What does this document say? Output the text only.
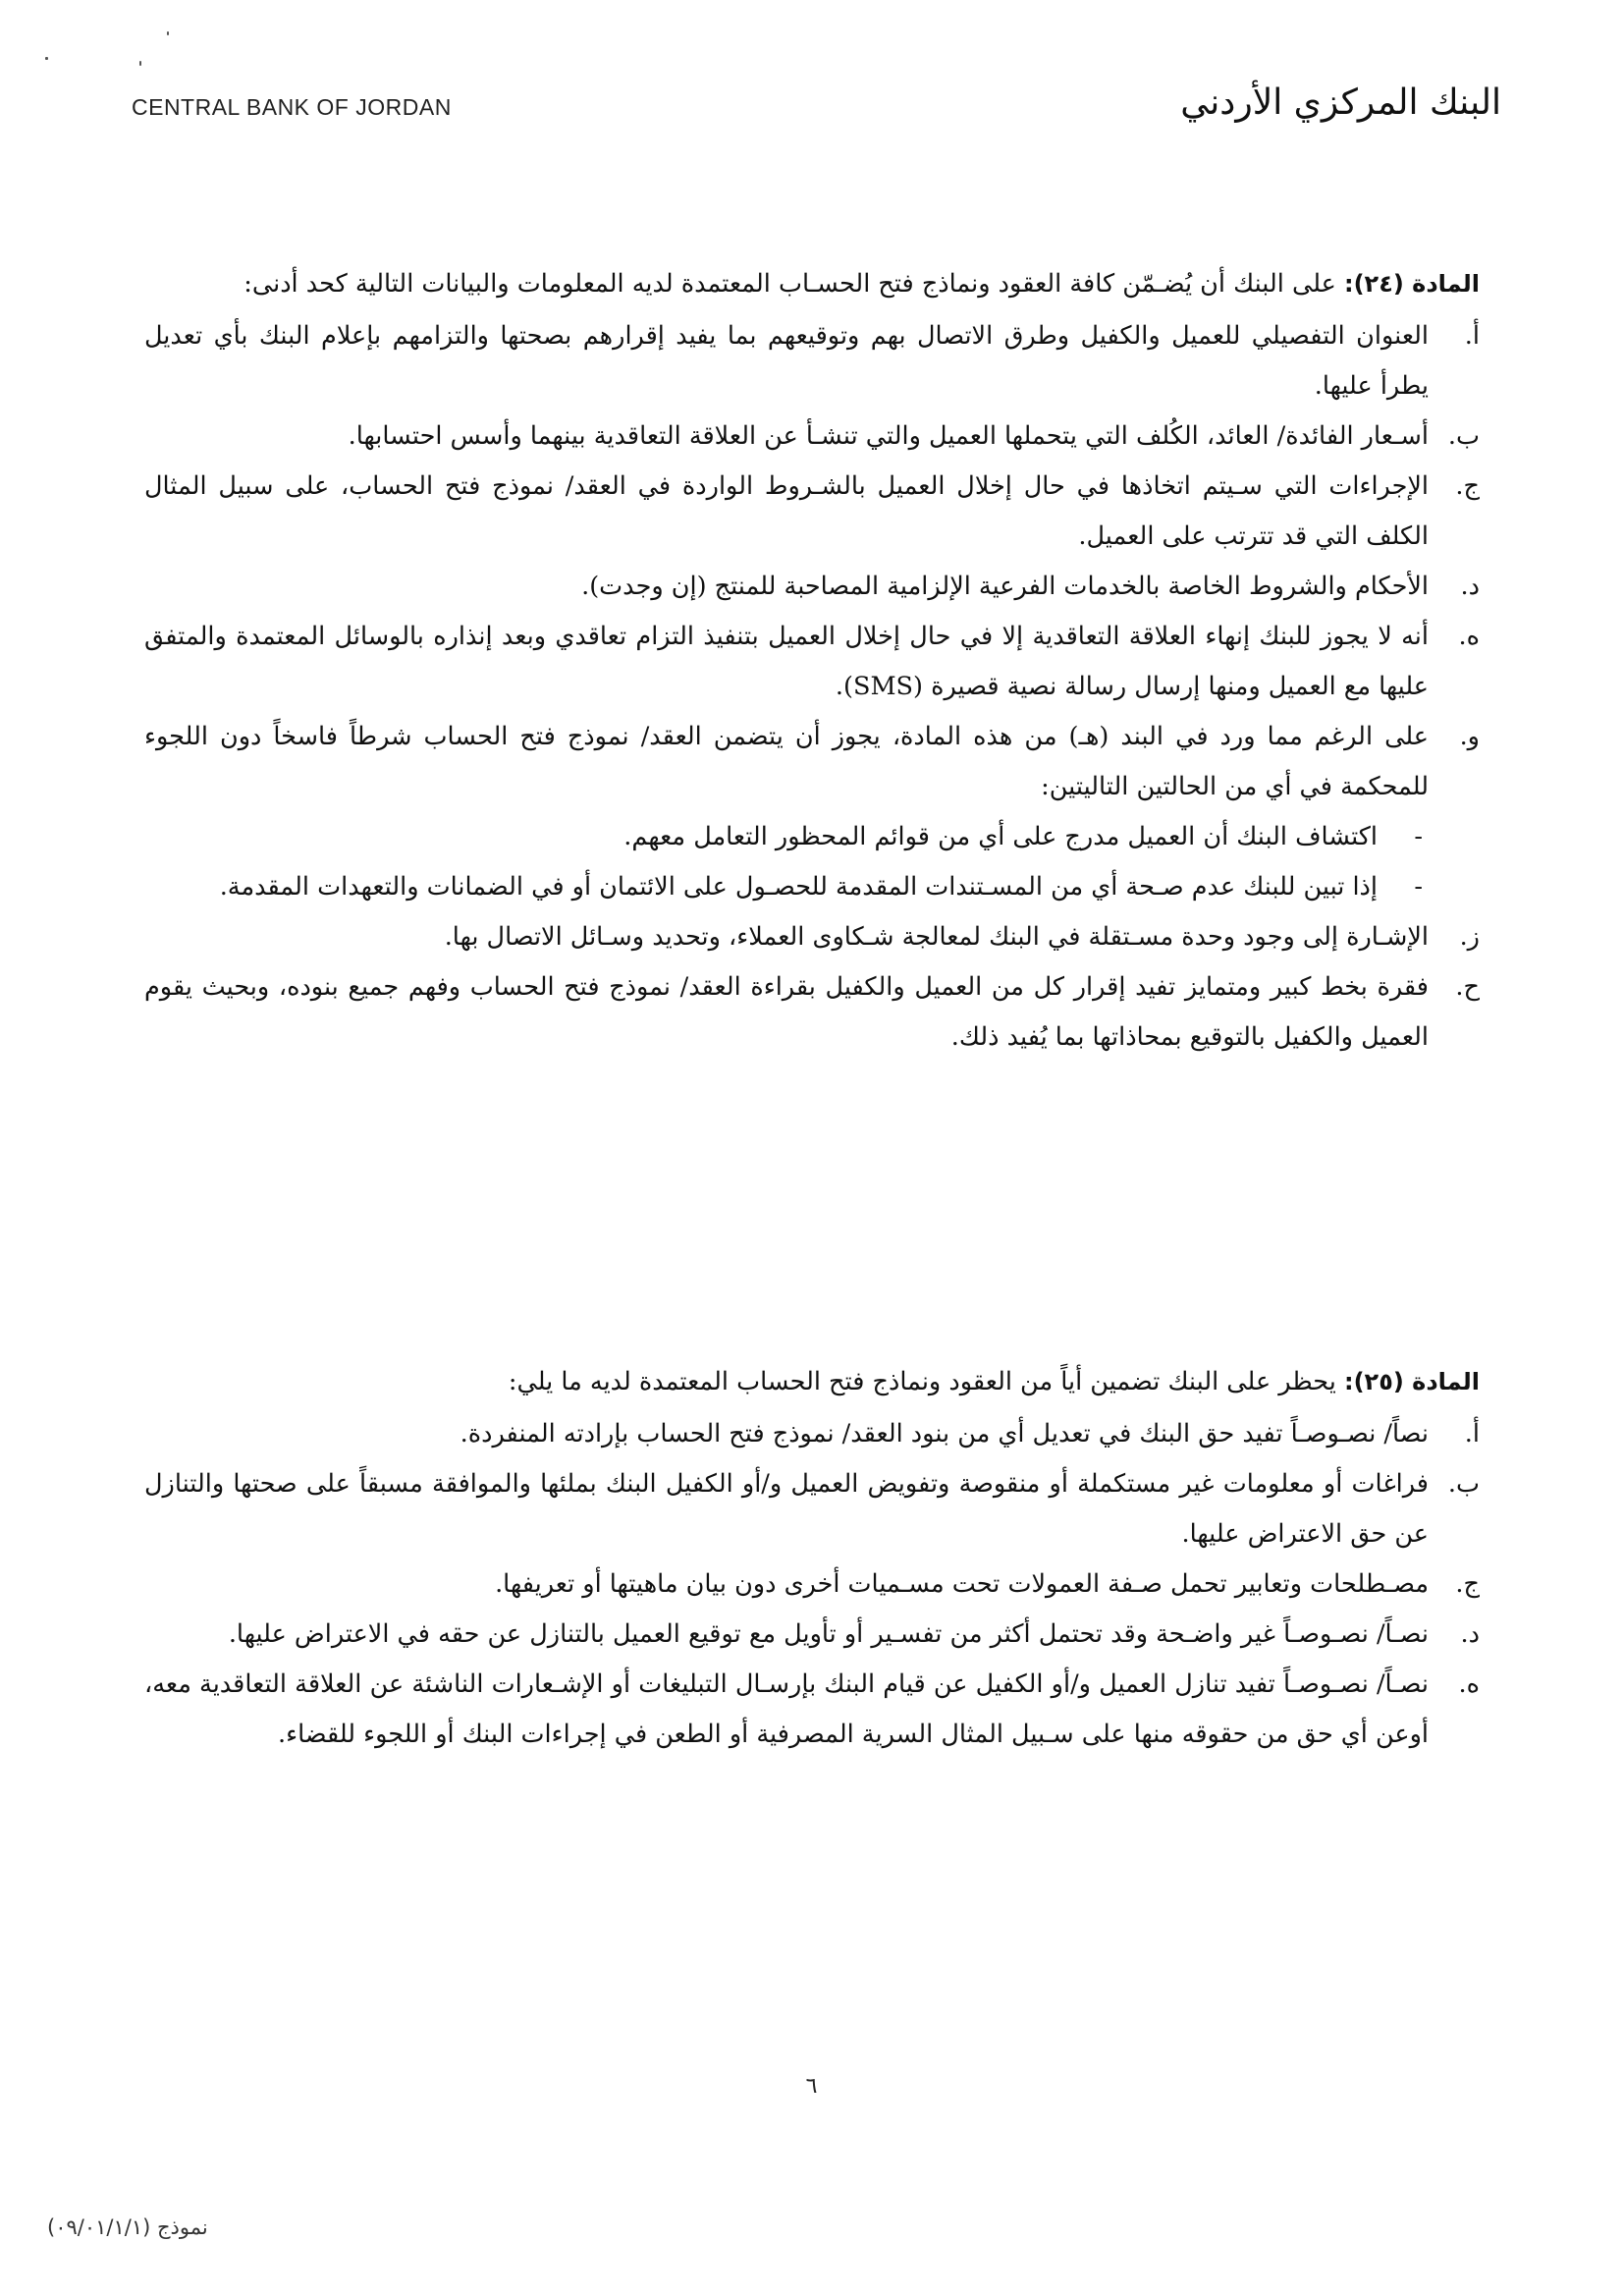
CENTRAL BANK OF JORDAN	البنك المركزي الأردني

المادة (٢٤): على البنك أن يُضـمّن كافة العقود ونماذج فتح الحسـاب المعتمدة لديه المعلومات والبيانات التالية كحد أدنى:

أ.
العنوان التفصيلي للعميل والكفيل وطرق الاتصال بهم وتوقيعهم بما يفيد إقرارهم بصحتها والتزامهم بإعلام البنك بأي تعديل يطرأ عليها.
ب.
أسـعار الفائدة/ العائد، الكُلف التي يتحملها العميل والتي تنشـأ عن العلاقة التعاقدية بينهما وأسس احتسابها.
ج.
الإجراءات التي سـيتم اتخاذها في حال إخلال العميل بالشـروط الواردة في العقد/ نموذج فتح الحساب، على سبيل المثال الكلف التي قد تترتب على العميل.
د.
الأحكام والشروط الخاصة بالخدمات الفرعية الإلزامية المصاحبة للمنتج (إن وجدت).
ه.
أنه لا يجوز للبنك إنهاء العلاقة التعاقدية إلا في حال إخلال العميل بتنفيذ التزام تعاقدي وبعد إنذاره بالوسائل المعتمدة والمتفق عليها مع العميل ومنها إرسال رسالة نصية قصيرة (SMS).
و.
على الرغم مما ورد في البند (هـ) من هذه المادة، يجوز أن يتضمن العقد/ نموذج فتح الحساب شرطاً فاسخاً دون اللجوء للمحكمة في أي من الحالتين التاليتين:
-
اكتشاف البنك أن العميل مدرج على أي من قوائم المحظور التعامل معهم.
-
إذا تبين للبنك عدم صـحة أي من المسـتندات المقدمة للحصـول على الائتمان أو في الضمانات والتعهدات المقدمة.
ز.
الإشـارة إلى وجود وحدة مسـتقلة في البنك لمعالجة شـكاوى العملاء، وتحديد وسـائل الاتصال بها.
ح.
فقرة بخط كبير ومتمايز تفيد إقرار كل من العميل والكفيل بقراءة العقد/ نموذج فتح الحساب وفهم جميع بنوده، وبحيث يقوم العميل والكفيل بالتوقيع بمحاذاتها بما يُفيد ذلك.

المادة (٢٥): يحظر على البنك تضمين أياً من العقود ونماذج فتح الحساب المعتمدة لديه ما يلي:

أ.
نصاً/ نصـوصـاً تفيد حق البنك في تعديل أي من بنود العقد/ نموذج فتح الحساب بإرادته المنفردة.
ب.
فراغات أو معلومات غير مستكملة أو منقوصة وتفويض العميل و/أو الكفيل البنك بملئها والموافقة مسبقاً على صحتها والتنازل عن حق الاعتراض عليها.
ج.
مصـطلحات وتعابير تحمل صـفة العمولات تحت مسـميات أخرى دون بيان ماهيتها أو تعريفها.
د.
نصـاً/ نصـوصـاً غير واضـحة وقد تحتمل أكثر من تفسـير أو تأويل مع توقيع العميل بالتنازل عن حقه في الاعتراض عليها.
ه.
نصـاً/ نصـوصـاً تفيد تنازل العميل و/أو الكفيل عن قيام البنك بإرسـال التبليغات أو الإشـعارات الناشئة عن العلاقة التعاقدية معه، أوعن أي حق من حقوقه منها على سـبيل المثال السرية المصرفية أو الطعن في إجراءات البنك أو اللجوء للقضاء.
٦
نموذج (٠٩/٠١/١/١)
